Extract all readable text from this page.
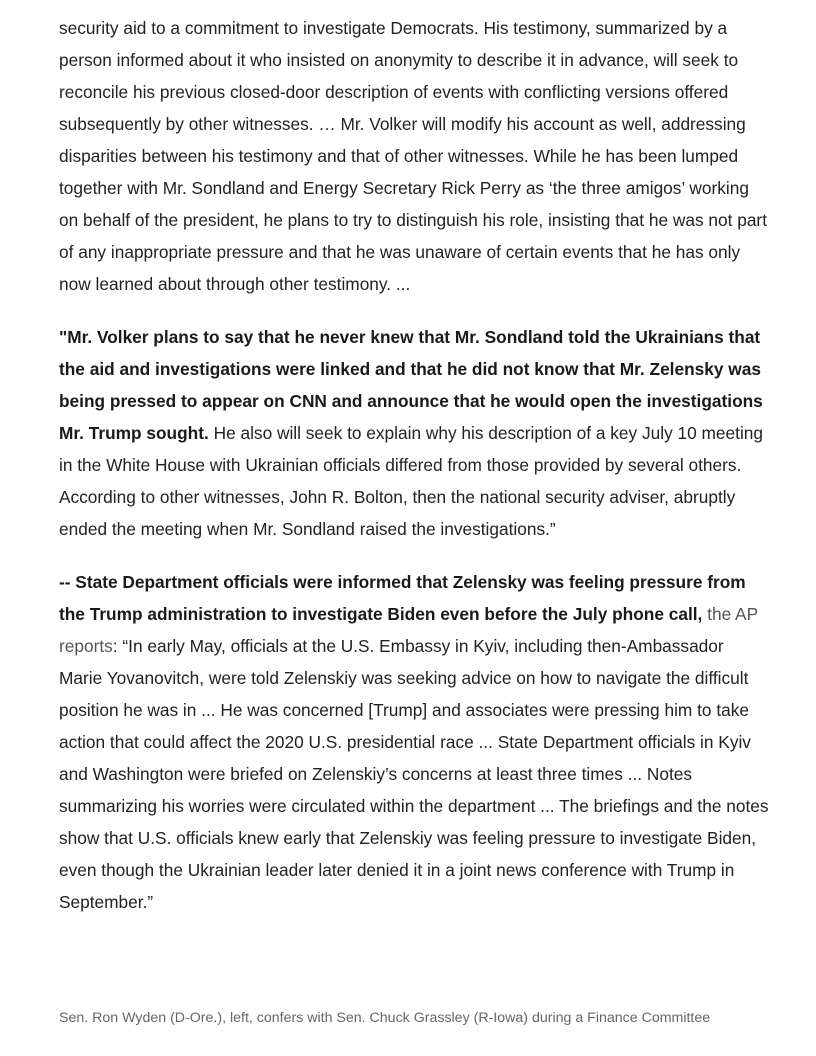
security aid to a commitment to investigate Democrats. His testimony, summarized by a person informed about it who insisted on anonymity to describe it in advance, will seek to reconcile his previous closed-door description of events with conflicting versions offered subsequently by other witnesses. … Mr. Volker will modify his account as well, addressing disparities between his testimony and that of other witnesses. While he has been lumped together with Mr. Sondland and Energy Secretary Rick Perry as ‘the three amigos’ working on behalf of the president, he plans to try to distinguish his role, insisting that he was not part of any inappropriate pressure and that he was unaware of certain events that he has only now learned about through other testimony. ...

"Mr. Volker plans to say that he never knew that Mr. Sondland told the Ukrainians that the aid and investigations were linked and that he did not know that Mr. Zelensky was being pressed to appear on CNN and announce that he would open the investigations Mr. Trump sought. He also will seek to explain why his description of a key July 10 meeting in the White House with Ukrainian officials differed from those provided by several others. According to other witnesses, John R. Bolton, then the national security adviser, abruptly ended the meeting when Mr. Sondland raised the investigations.”

-- State Department officials were informed that Zelensky was feeling pressure from the Trump administration to investigate Biden even before the July phone call, the AP reports: “In early May, officials at the U.S. Embassy in Kyiv, including then-Ambassador Marie Yovanovitch, were told Zelenskiy was seeking advice on how to navigate the difficult position he was in ... He was concerned [Trump] and associates were pressing him to take action that could affect the 2020 U.S. presidential race ... State Department officials in Kyiv and Washington were briefed on Zelenskiy’s concerns at least three times ... Notes summarizing his worries were circulated within the department ... The briefings and the notes show that U.S. officials knew early that Zelenskiy was feeling pressure to investigate Biden, even though the Ukrainian leader later denied it in a joint news conference with Trump in September.”

Sen. Ron Wyden (D-Ore.), left, confers with Sen. Chuck Grassley (R-Iowa) during a Finance Committee
